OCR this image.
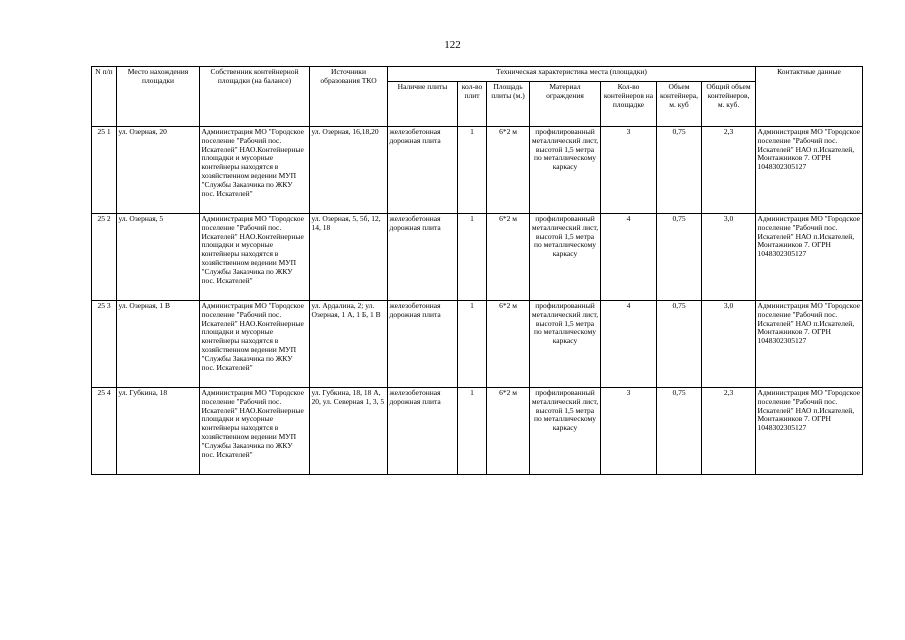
122
N п/п	Место нахождения площадки	Собственник контейнерной площадки (на балансе)	Источники образования ТКО	Техническая характеристика места (площадки)							Контактные данные
				Наличие плиты	кол-во плит	Площадь плиты (м.)	Материал ограждения	Кол-во контейнеров на площадке	Объем контейнера, м. куб	Общий объем контейнеров, м. куб.	
25 1	ул. Озерная, 20	Администрация МО "Городское поселение "Рабочий пос. Искателей" НАО.Контейнерные площадки и мусорные контейнеры находятся в хозяйственном ведении МУП "Службы Заказчика по ЖКУ пос. Искателей"	ул. Озерная, 16,18,20	железобетонная дорожная плита	1	6*2 м	профилированный металлический лист, высотой 1,5 метра по металлическому каркасу	3	0,75	2,3	Администрация МО "Городское поселение "Рабочий пос. Искателей" НАО п.Искателей, Монтажников 7. ОГРН 1048302305127
25 2	ул. Озерная, 5	Администрация МО "Городское поселение "Рабочий пос. Искателей" НАО.Контейнерные площадки и мусорные контейнеры находятся в хозяйственном ведении МУП "Службы Заказчика по ЖКУ пос. Искателей"	ул. Озерная, 5, 5б, 12, 14, 18	железобетонная дорожная плита	1	6*2 м	профилированный металлический лист, высотой 1,5 метра по металлическому каркасу	4	0,75	3,0	Администрация МО "Городское поселение "Рабочий пос. Искателей" НАО п.Искателей, Монтажников 7. ОГРН 1048302305127
25 3	ул. Озерная, 1 В	Администрация МО "Городское поселение "Рабочий пос. Искателей" НАО.Контейнерные площадки и мусорные контейнеры находятся в хозяйственном ведении МУП "Службы Заказчика по ЖКУ пос. Искателей"	ул. Ардалина, 2; ул. Озерная, 1 А, 1 Б, 1 В	железобетонная дорожная плита	1	6*2 м	профилированный металлический лист, высотой 1,5 метра по металлическому каркасу	4	0,75	3,0	Администрация МО "Городское поселение "Рабочий пос. Искателей" НАО п.Искателей, Монтажников 7. ОГРН 1048302305127
25 4	ул. Губкина, 18	Администрация МО "Городское поселение "Рабочий пос. Искателей" НАО.Контейнерные площадки и мусорные контейнеры находятся в хозяйственном ведении МУП "Службы Заказчика по ЖКУ пос. Искателей"	ул. Губкина, 18, 18 А, 20, ул. Северная 1, 3, 5	железобетонная дорожная плита	1	6*2 м	профилированный металлический лист, высотой 1,5 метра по металлическому каркасу	3	0,75	2,3	Администрация МО "Городское поселение "Рабочий пос. Искателей" НАО п.Искателей, Монтажников 7. ОГРН 1048302305127
